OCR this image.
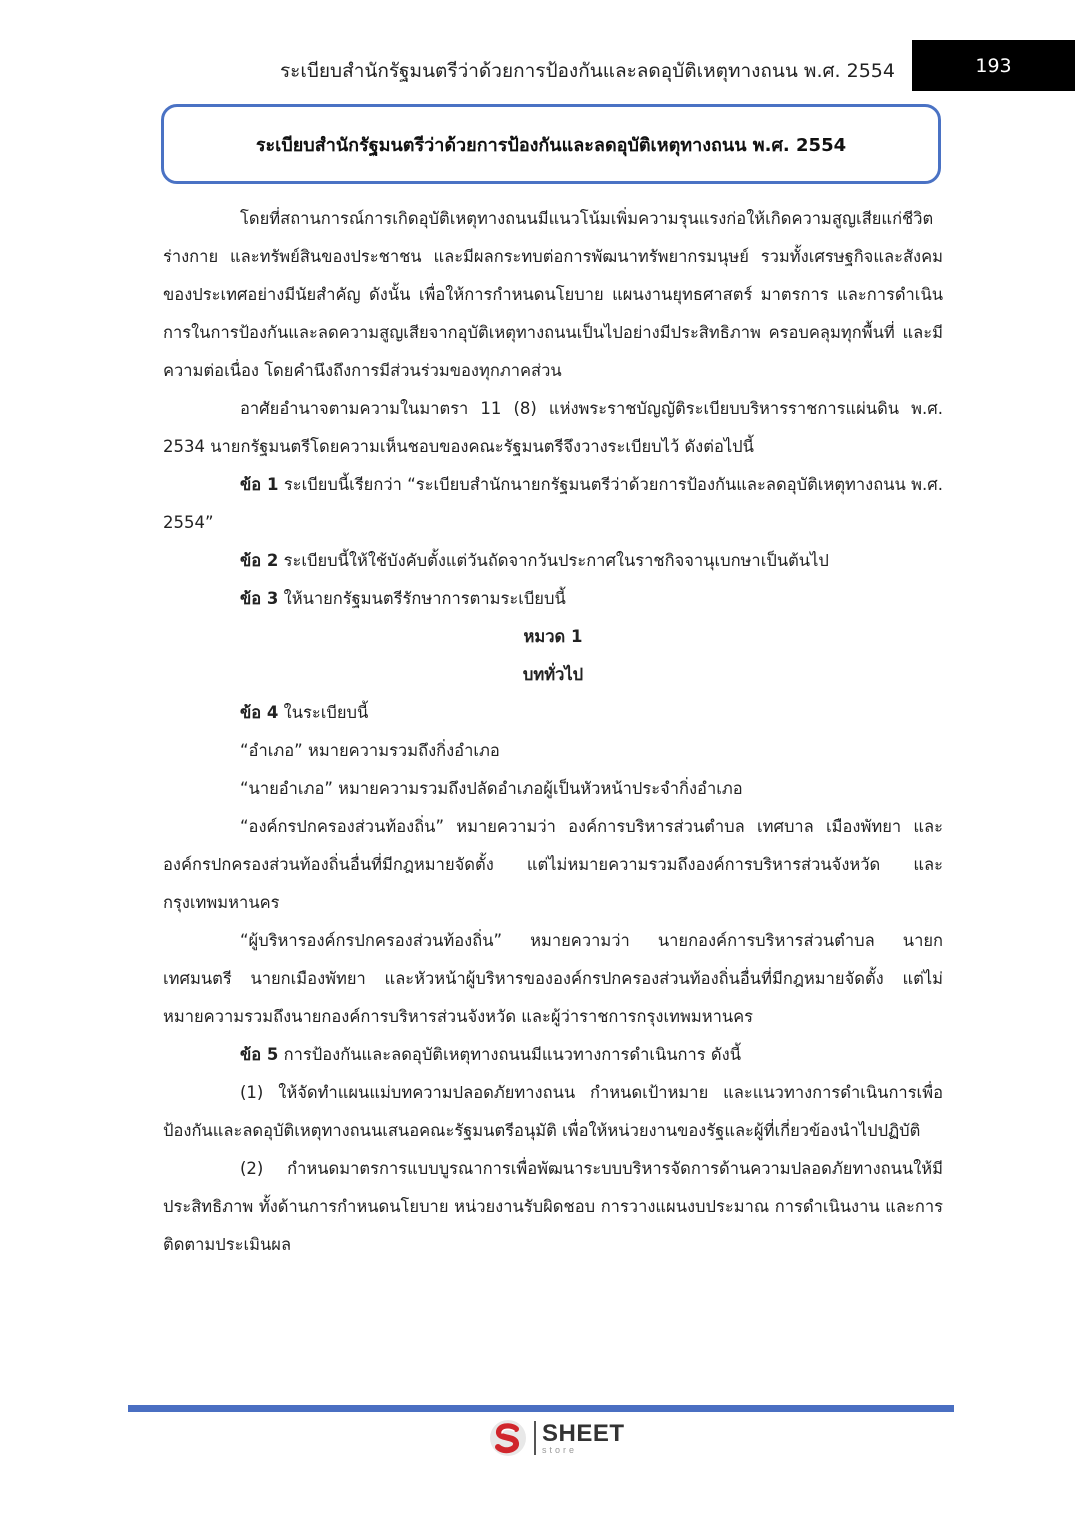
ระเบียบสำนักรัฐมนตรีว่าด้วยการป้องกันและลดอุบัติเหตุทางถนน พ.ศ. 2554	193
ระเบียบสำนักรัฐมนตรีว่าด้วยการป้องกันและลดอุบัติเหตุทางถนน พ.ศ. 2554

โดยที่สถานการณ์การเกิดอุบัติเหตุทางถนนมีแนวโน้มเพิ่มความรุนแรงก่อให้เกิดความสูญเสียแก่ชีวิต ร่างกาย และทรัพย์สินของประชาชน และมีผลกระทบต่อการพัฒนาทรัพยากรมนุษย์ รวมทั้งเศรษฐกิจและสังคมของประเทศอย่างมีนัยสำคัญ ดังนั้น เพื่อให้การกำหนดนโยบาย แผนงานยุทธศาสตร์ มาตรการ และการดำเนินการในการป้องกันและลดความสูญเสียจากอุบัติเหตุทางถนนเป็นไปอย่างมีประสิทธิภาพ ครอบคลุมทุกพื้นที่ และมีความต่อเนื่อง โดยคำนึงถึงการมีส่วนร่วมของทุกภาคส่วน

อาศัยอำนาจตามความในมาตรา 11 (8) แห่งพระราชบัญญัติระเบียบบริหารราชการแผ่นดิน พ.ศ. 2534 นายกรัฐมนตรีโดยความเห็นชอบของคณะรัฐมนตรีจึงวางระเบียบไว้ ดังต่อไปนี้

ข้อ 1 ระเบียบนี้เรียกว่า “ระเบียบสำนักนายกรัฐมนตรีว่าด้วยการป้องกันและลดอุบัติเหตุทางถนน พ.ศ. 2554”

ข้อ 2 ระเบียบนี้ให้ใช้บังคับตั้งแต่วันถัดจากวันประกาศในราชกิจจานุเบกษาเป็นต้นไป

ข้อ 3 ให้นายกรัฐมนตรีรักษาการตามระเบียบนี้

หมวด 1

บททั่วไป

ข้อ 4 ในระเบียบนี้

“อำเภอ” หมายความรวมถึงกิ่งอำเภอ

“นายอำเภอ” หมายความรวมถึงปลัดอำเภอผู้เป็นหัวหน้าประจำกิ่งอำเภอ

“องค์กรปกครองส่วนท้องถิ่น” หมายความว่า องค์การบริหารส่วนตำบล เทศบาล เมืองพัทยา และองค์กรปกครองส่วนท้องถิ่นอื่นที่มีกฎหมายจัดตั้ง แต่ไม่หมายความรวมถึงองค์การบริหารส่วนจังหวัด และกรุงเทพมหานคร

“ผู้บริหารองค์กรปกครองส่วนท้องถิ่น” หมายความว่า นายกองค์การบริหารส่วนตำบล นายกเทศมนตรี นายกเมืองพัทยา และหัวหน้าผู้บริหารขององค์กรปกครองส่วนท้องถิ่นอื่นที่มีกฎหมายจัดตั้ง แต่ไม่หมายความรวมถึงนายกองค์การบริหารส่วนจังหวัด และผู้ว่าราชการกรุงเทพมหานคร

ข้อ 5 การป้องกันและลดอุบัติเหตุทางถนนมีแนวทางการดำเนินการ ดังนี้

(1) ให้จัดทำแผนแม่บทความปลอดภัยทางถนน กำหนดเป้าหมาย และแนวทางการดำเนินการเพื่อป้องกันและลดอุบัติเหตุทางถนนเสนอคณะรัฐมนตรีอนุมัติ เพื่อให้หน่วยงานของรัฐและผู้ที่เกี่ยวข้องนำไปปฏิบัติ

(2) กำหนดมาตรการแบบบูรณาการเพื่อพัฒนาระบบบริหารจัดการด้านความปลอดภัยทางถนนให้มีประสิทธิภาพ ทั้งด้านการกำหนดนโยบาย หน่วยงานรับผิดชอบ การวางแผนงบประมาณ การดำเนินงาน และการติดตามประเมินผล

SHEET
store
